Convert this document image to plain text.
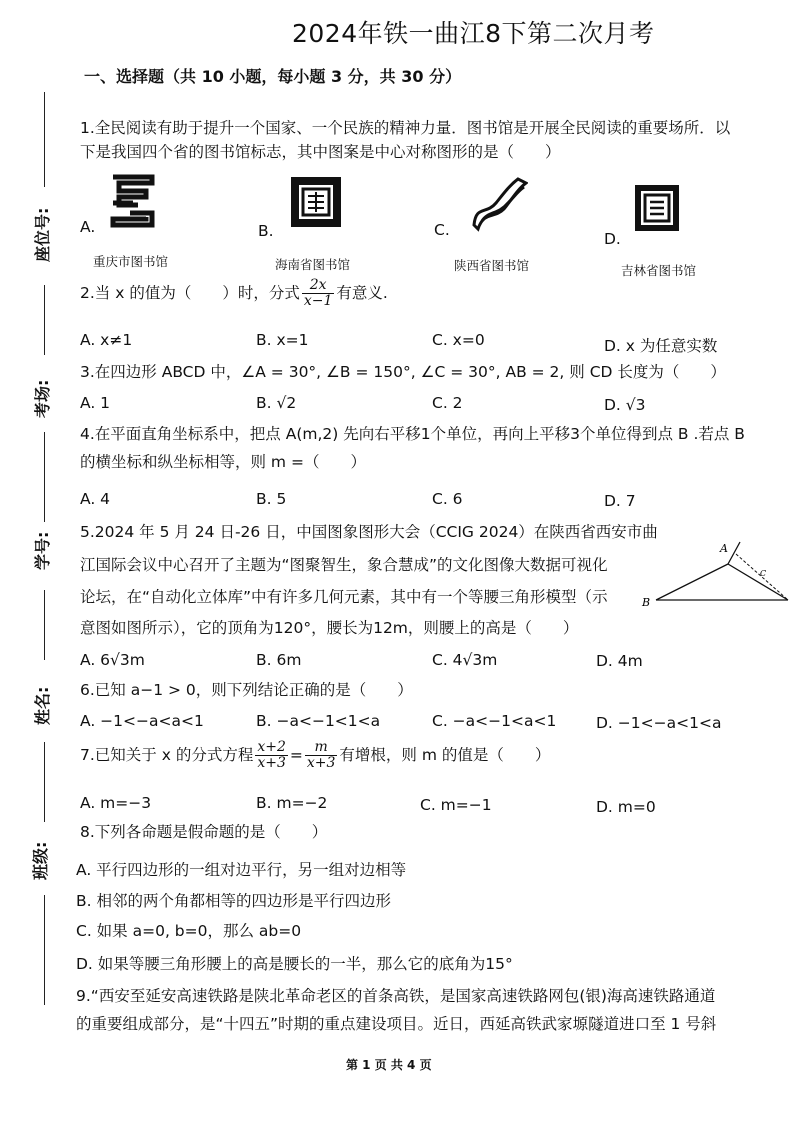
2024年铁一曲江8下第二次月考
一、选择题（共 10 小题，每小题 3 分，共 30 分）
座位号:
考场:
学号:
姓名:
班级:
1.全民阅读有助于提升一个国家、一个民族的精神力量．图书馆是开展全民阅读的重要场所．以
下是我国四个省的图书馆标志，其中图案是中心对称图形的是（　　）
A.
重庆市图书馆
B.
海南省图书馆
C.
陕西省图书馆
D.
吉林省图书馆
2.当 x 的值为（　　）时，分式 $\frac{2x}{x-1}$ 有意义.
A. x≠1	B. x=1	C. x=0	D. x 为任意实数
3.在四边形 ABCD 中，∠A = 30°, ∠B = 150°, ∠C = 30°, AB = 2, 则 CD 长度为（　　）
A. 1	B. √2	C. 2	D. √3
4.在平面直角坐标系中，把点 A(m,2) 先向右平移1个单位，再向上平移3个单位得到点 B .若点 B
的横坐标和纵坐标相等，则 m =（　　）
A. 4	B. 5	C. 6	D. 7
5.2024 年 5 月 24 日-26 日，中国图象图形大会（CCIG 2024）在陕西省西安市曲
江国际会议中心召开了主题为“图聚智生，象合慧成”的文化图像大数据可视化
论坛，在“自动化立体库”中有许多几何元素，其中有一个等腰三角形模型（示
意图如图所示），它的顶角为120°，腰长为12m，则腰上的高是（　　）
A
B
C
A. 6√3m	B. 6m	C. 4√3m	D. 4m
6.已知 a−1 > 0，则下列结论正确的是（　　）
A. −1<−a<a<1	B. −a<−1<1<a	C. −a<−1<a<1	D. −1<−a<1<a
7.已知关于 x 的分式方程 $\frac{x+2}{x+3} = \frac{m}{x+3}$ 有增根，则 m 的值是（　　）
A. m=−3	B. m=−2	C. m=−1	D. m=0
8.下列各命题是假命题的是（　　）
A. 平行四边形的一组对边平行，另一组对边相等
B. 相邻的两个角都相等的四边形是平行四边形
C. 如果 a=0, b=0，那么 ab=0
D. 如果等腰三角形腰上的高是腰长的一半，那么它的底角为15°
9.“西安至延安高速铁路是陕北革命老区的首条高铁，是国家高速铁路网包(银)海高速铁路通道
的重要组成部分，是“十四五”时期的重点建设项目。近日，西延高铁武家塬隧道进口至 1 号斜
第 1 页 共 4 页
